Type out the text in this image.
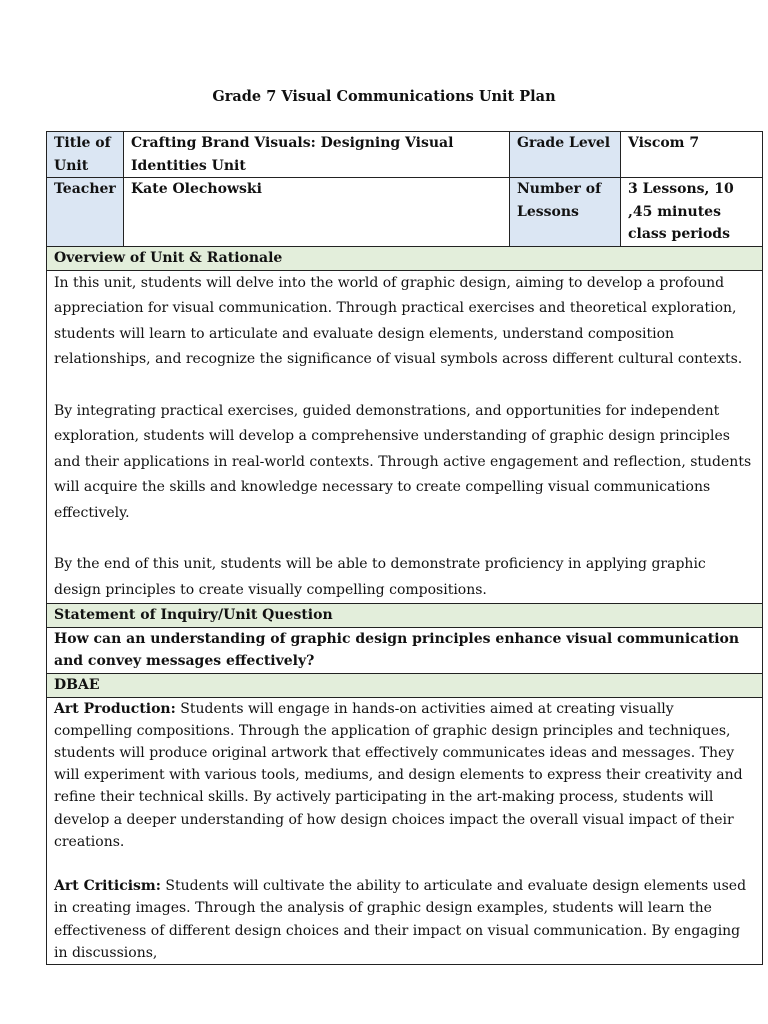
Grade 7 Visual Communications Unit Plan
Title of Unit	Crafting Brand Visuals: Designing Visual Identities Unit	Grade Level	Viscom 7
Teacher	Kate Olechowski	Number of Lessons	3 Lessons, 10 ,45 minutes class periods
Overview of Unit & Rationale			

In this unit, students will delve into the world of graphic design, aiming to develop a profound appreciation for visual communication. Through practical exercises and theoretical exploration, students will learn to articulate and evaluate design elements, understand composition relationships, and recognize the significance of visual symbols across different cultural contexts.

By integrating practical exercises, guided demonstrations, and opportunities for independent exploration, students will develop a comprehensive understanding of graphic design principles and their applications in real-world contexts. Through active engagement and reflection, students will acquire the skills and knowledge necessary to create compelling visual communications effectively.

By the end of this unit, students will be able to demonstrate proficiency in applying graphic design principles to create visually compelling compositions.			

Statement of Inquiry/Unit Question			
How can an understanding of graphic design principles enhance visual communication and convey messages effectively?			
DBAE			

Art Production: Students will engage in hands-on activities aimed at creating visually compelling compositions. Through the application of graphic design principles and techniques, students will produce original artwork that effectively communicates ideas and messages. They will experiment with various tools, mediums, and design elements to express their creativity and refine their technical skills. By actively participating in the art-making process, students will develop a deeper understanding of how design choices impact the overall visual impact of their creations.

Art Criticism: Students will cultivate the ability to articulate and evaluate design elements used in creating images. Through the analysis of graphic design examples, students will learn the effectiveness of different design choices and their impact on visual communication. By engaging in discussions,			
